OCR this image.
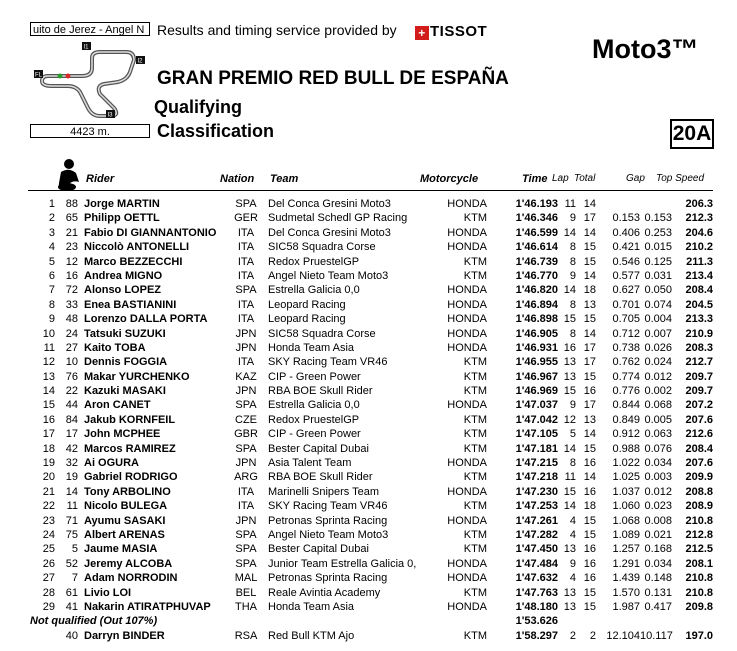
uito de Jerez - Angel N Results and timing service provided by + TISSOT
Moto3™
I1
I2
FL
I3
4423 m.
GRAN PREMIO RED BULL DE ESPAÑA
Qualifying
Classification	20A
Rider	Nation Team	Motorcycle	Time Lap Total	Gap Top Speed
1 88 Jorge MARTIN	SPA	Del Conca Gresini Moto3	HONDA	1'46.193 11 14	206.3
2 65 Philipp OETTL	GER Sudmetal Schedl GP Racing	KTM	1'46.346	9 17	0.153 0.153	212.3
3 21 Fabio DI GIANNANTONIO	ITA	Del Conca Gresini Moto3	HONDA	1'46.599 14 14	0.406 0.253	204.6
4 23 Niccolò ANTONELLI	ITA	SIC58 Squadra Corse	HONDA	1'46.614	8 15	0.421 0.015	210.2
5 12 Marco BEZZECCHI	ITA	Redox PruestelGP	KTM	1'46.739	8 15	0.546 0.125	211.3
6 16 Andrea MIGNO	ITA	Angel Nieto Team Moto3	KTM	1'46.770	9 14	0.577 0.031	213.4
7 72 Alonso LOPEZ	SPA	Estrella Galicia 0,0	HONDA	1'46.820 14 18	0.627 0.050	208.4
8 33 Enea BASTIANINI	ITA	Leopard Racing	HONDA	1'46.894	8 13	0.701 0.074	204.5
9 48 Lorenzo DALLA PORTA	ITA	Leopard Racing	HONDA	1'46.898 15 15	0.705 0.004	213.3
10 24 Tatsuki SUZUKI	JPN	SIC58 Squadra Corse	HONDA	1'46.905	8 14	0.712 0.007	210.9
11 27 Kaito TOBA	JPN	Honda Team Asia	HONDA	1'46.931 16 17	0.738 0.026	208.3
12 10 Dennis FOGGIA	ITA	SKY Racing Team VR46	KTM	1'46.955 13 17	0.762 0.024	212.7
13 76 Makar YURCHENKO	KAZ	CIP - Green Power	KTM	1'46.967 13 15	0.774 0.012	209.7
14 22 Kazuki MASAKI	JPN	RBA BOE Skull Rider	KTM	1'46.969 15 16	0.776 0.002	209.7
15 44 Aron CANET	SPA	Estrella Galicia 0,0	HONDA	1'47.037	9 17	0.844 0.068	207.2
16 84 Jakub KORNFEIL	CZE	Redox PruestelGP	KTM	1'47.042 12 13	0.849 0.005	207.6
17 17 John MCPHEE	GBR CIP - Green Power	KTM	1'47.105	5 14	0.912 0.063	212.6
18 42 Marcos RAMIREZ	SPA	Bester Capital Dubai	KTM	1'47.181 14 15	0.988 0.076	208.4
19 32 Ai OGURA	JPN	Asia Talent Team	HONDA	1'47.215	8 16	1.022 0.034	207.6
20 19 Gabriel RODRIGO	ARG RBA BOE Skull Rider	KTM	1'47.218 11 14	1.025 0.003	209.9
21 14 Tony ARBOLINO	ITA	Marinelli Snipers Team	HONDA	1'47.230 15 16	1.037 0.012	208.8
22	11 Nicolo BULEGA	ITA	SKY Racing Team VR46	KTM	1'47.253 14 18	1.060 0.023	208.9
23 71 Ayumu SASAKI	JPN	Petronas Sprinta Racing	HONDA	1'47.261	4 15	1.068 0.008	210.8
24 75 Albert ARENAS	SPA	Angel Nieto Team Moto3	KTM	1'47.282	4 15	1.089 0.021	212.8
25	5 Jaume MASIA	SPA	Bester Capital Dubai	KTM	1'47.450 13 16	1.257 0.168	212.5
26 52 Jeremy ALCOBA	SPA	Junior Team Estrella Galicia 0,	HONDA	1'47.484	9 16	1.291 0.034	208.1
27	7 Adam NORRODIN	MAL Petronas Sprinta Racing	HONDA	1'47.632	4 16	1.439 0.148	210.8
28 61 Livio LOI	BEL	Reale Avintia Academy	KTM	1'47.763 13 15	1.570 0.131	210.8
29 41 Nakarin ATIRATPHUVAP	THA	Honda Team Asia	HONDA	1'48.180 13 15	1.987 0.417	209.8
Not qualified (Out 107%)	1'53.626
40 Darryn BINDER	RSA Red Bull KTM Ajo	KTM	1'58.297	2	2 12.104 10.117	197.0
